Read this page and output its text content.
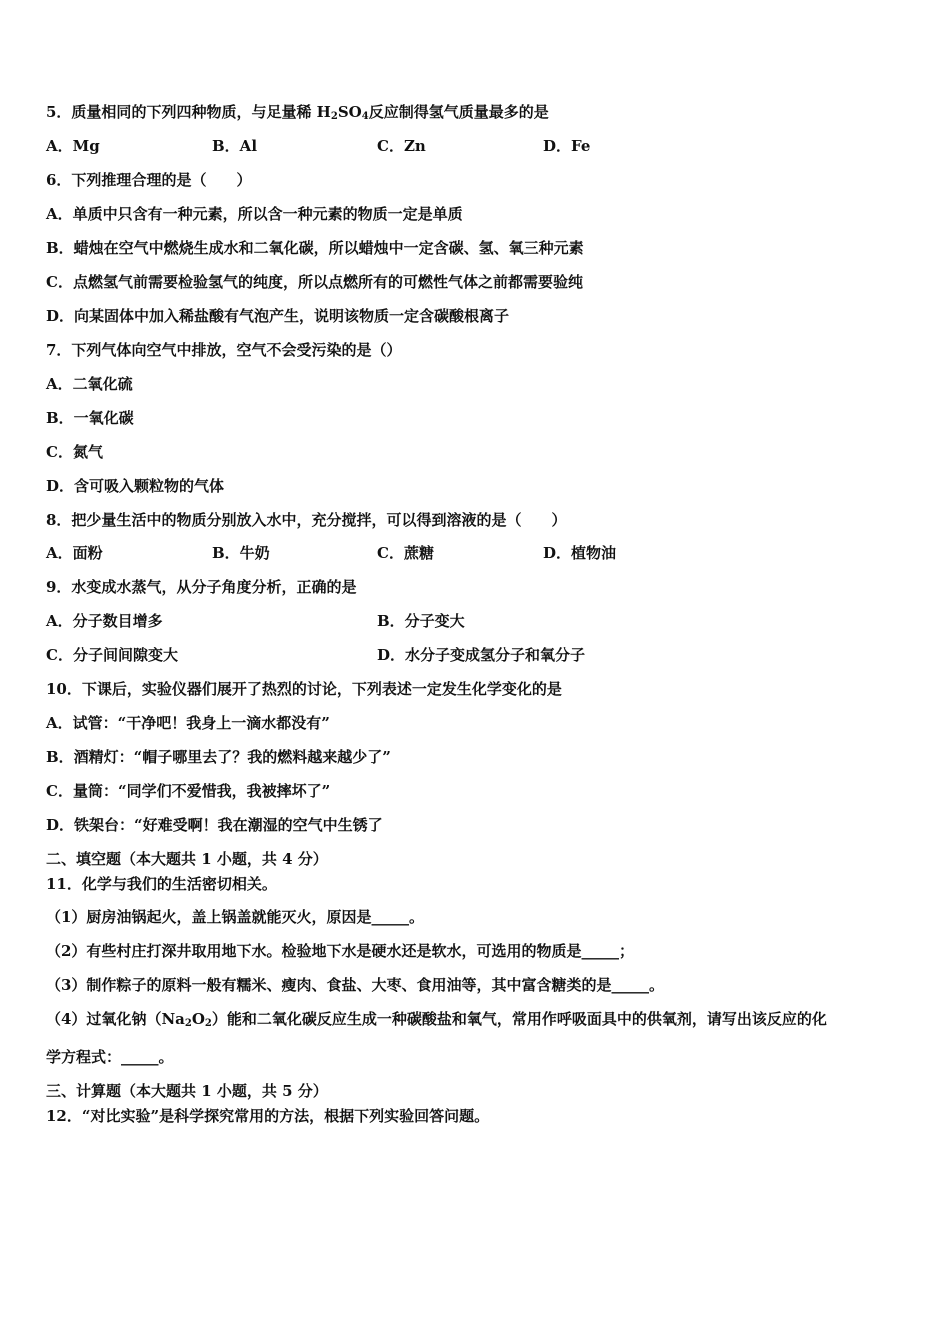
5．质量相同的下列四种物质，与足量稀 $H_2SO_4$反应制得氢气质量最多的是
A．Mg	B．Al	C．Zn	D．Fe
6．下列推理合理的是（　　）
A．单质中只含有一种元素，所以含一种元素的物质一定是单质
B．蜡烛在空气中燃烧生成水和二氧化碳，所以蜡烛中一定含碳、氢、氧三种元素
C．点燃氢气前需要检验氢气的纯度，所以点燃所有的可燃性气体之前都需要验纯
D．向某固体中加入稀盐酸有气泡产生，说明该物质一定含碳酸根离子
7．下列气体向空气中排放，空气不会受污染的是（）
A．二氧化硫
B．一氧化碳
C．氮气
D．含可吸入颗粒物的气体
8．把少量生活中的物质分别放入水中，充分搅拌，可以得到溶液的是（　　）
A．面粉	B．牛奶	C．蔗糖	D．植物油
9．水变成水蒸气，从分子角度分析，正确的是
A．分子数目增多	B．分子变大
C．分子间间隙变大	D．水分子变成氢分子和氧分子
10．下课后，实验仪器们展开了热烈的讨论，下列表述一定发生化学变化的是
A．试管：“干净吧！我身上一滴水都没有”
B．酒精灯：“帽子哪里去了？我的燃料越来越少了”
C．量筒：“同学们不爱惜我，我被摔坏了”
D．铁架台：“好难受啊！我在潮湿的空气中生锈了
二、填空题（本大题共 1 小题，共 4 分）
11．化学与我们的生活密切相关。
（1）厨房油锅起火，盖上锅盖就能灭火，原因是_____。
（2）有些村庄打深井取用地下水。检验地下水是硬水还是软水，可选用的物质是_____；
（3）制作粽子的原料一般有糯米、瘦肉、食盐、大枣、食用油等，其中富含糖类的是_____。
（4）过氧化钠$(Na_2O_2)$能和二氧化碳反应生成一种碳酸盐和氧气，常用作呼吸面具中的供氧剂，请写出该反应的化
学方程式：_____。
三、计算题（本大题共 1 小题，共 5 分）
12．“对比实验”是科学探究常用的方法，根据下列实验回答问题。
